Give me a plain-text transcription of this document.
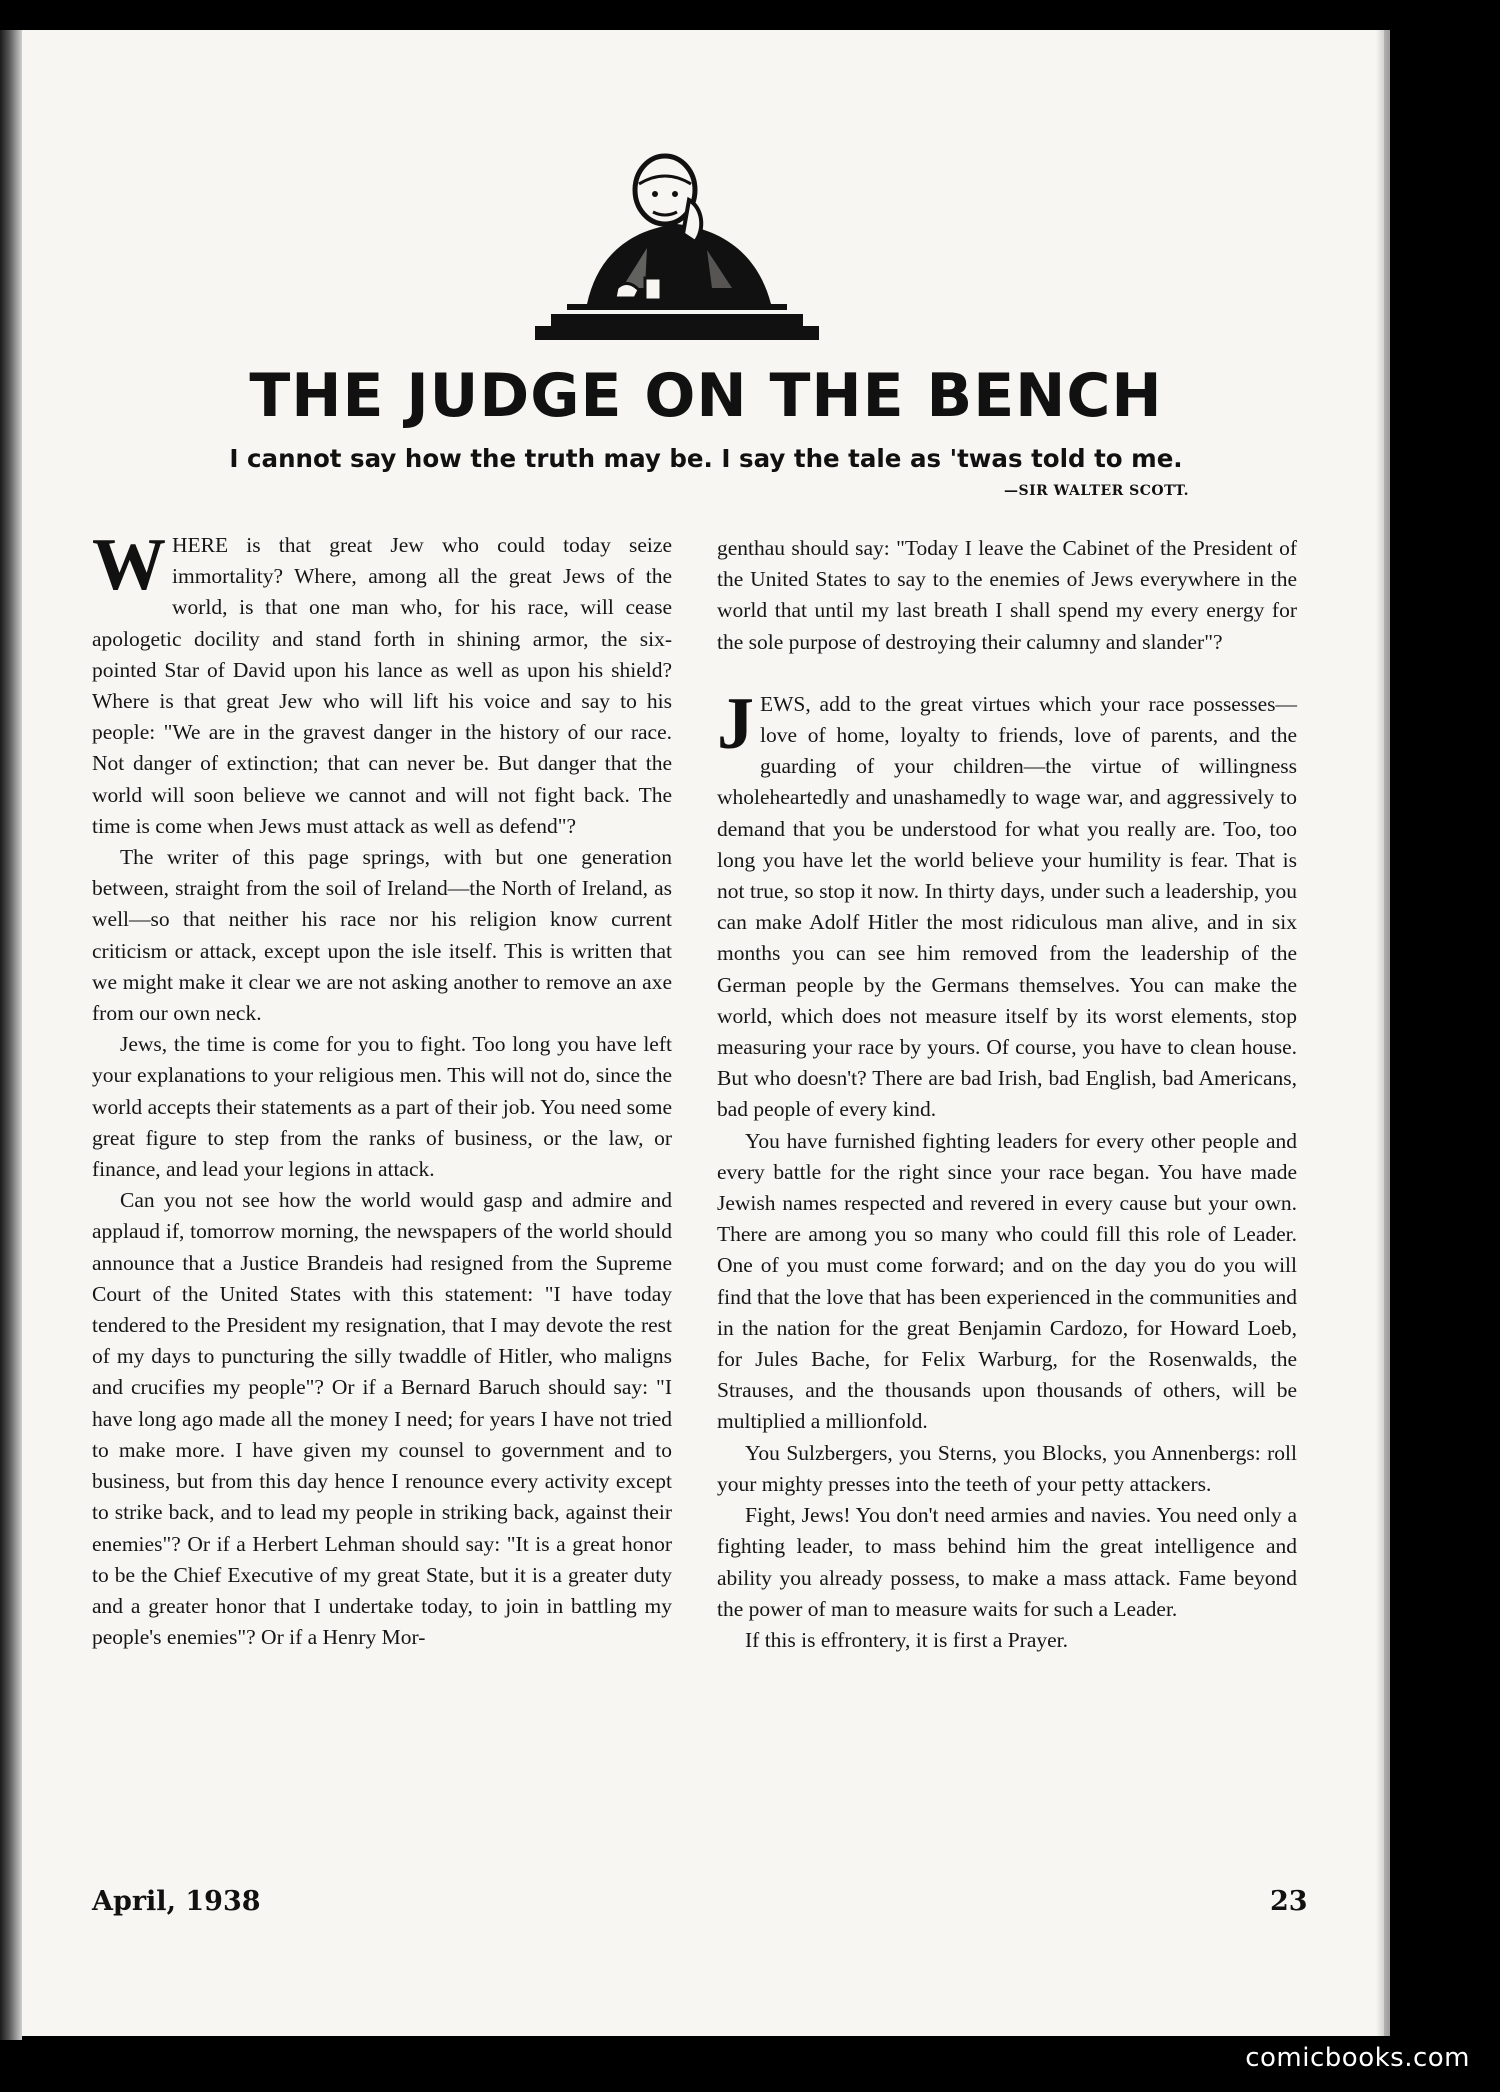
THE JUDGE ON THE BENCH
I cannot say how the truth may be. I say the tale as 'twas told to me.
—SIR WALTER SCOTT.

WHERE is that great Jew who could today seize immortality? Where, among all the great Jews of the world, is that one man who, for his race, will cease apologetic docility and stand forth in shining armor, the six-pointed Star of David upon his lance as well as upon his shield? Where is that great Jew who will lift his voice and say to his people: "We are in the gravest danger in the history of our race. Not danger of extinction; that can never be. But danger that the world will soon believe we cannot and will not fight back. The time is come when Jews must attack as well as defend"?

The writer of this page springs, with but one generation between, straight from the soil of Ireland—the North of Ireland, as well—so that neither his race nor his religion know current criticism or attack, except upon the isle itself. This is written that we might make it clear we are not asking another to remove an axe from our own neck.

Jews, the time is come for you to fight. Too long you have left your explanations to your religious men. This will not do, since the world accepts their statements as a part of their job. You need some great figure to step from the ranks of business, or the law, or finance, and lead your legions in attack.

Can you not see how the world would gasp and admire and applaud if, tomorrow morning, the newspapers of the world should announce that a Justice Brandeis had resigned from the Supreme Court of the United States with this statement: "I have today tendered to the President my resignation, that I may devote the rest of my days to puncturing the silly twaddle of Hitler, who maligns and crucifies my people"? Or if a Bernard Baruch should say: "I have long ago made all the money I need; for years I have not tried to make more. I have given my counsel to government and to business, but from this day hence I renounce every activity except to strike back, and to lead my people in striking back, against their enemies"? Or if a Herbert Lehman should say: "It is a great honor to be the Chief Executive of my great State, but it is a greater duty and a greater honor that I undertake today, to join in battling my people's enemies"? Or if a Henry Mor-

genthau should say: "Today I leave the Cabinet of the President of the United States to say to the enemies of Jews everywhere in the world that until my last breath I shall spend my every energy for the sole purpose of destroying their calumny and slander"?

JEWS, add to the great virtues which your race possesses—love of home, loyalty to friends, love of parents, and the guarding of your children—the virtue of willingness wholeheartedly and unashamedly to wage war, and aggressively to demand that you be understood for what you really are. Too, too long you have let the world believe your humility is fear. That is not true, so stop it now. In thirty days, under such a leadership, you can make Adolf Hitler the most ridiculous man alive, and in six months you can see him removed from the leadership of the German people by the Germans themselves. You can make the world, which does not measure itself by its worst elements, stop measuring your race by yours. Of course, you have to clean house. But who doesn't? There are bad Irish, bad English, bad Americans, bad people of every kind.

You have furnished fighting leaders for every other people and every battle for the right since your race began. You have made Jewish names respected and revered in every cause but your own. There are among you so many who could fill this role of Leader. One of you must come forward; and on the day you do you will find that the love that has been experienced in the communities and in the nation for the great Benjamin Cardozo, for Howard Loeb, for Jules Bache, for Felix Warburg, for the Rosenwalds, the Strauses, and the thousands upon thousands of others, will be multiplied a millionfold.

You Sulzbergers, you Sterns, you Blocks, you Annenbergs: roll your mighty presses into the teeth of your petty attackers.

Fight, Jews! You don't need armies and navies. You need only a fighting leader, to mass behind him the great intelligence and ability you already possess, to make a mass attack. Fame beyond the power of man to measure waits for such a Leader.

If this is effrontery, it is first a Prayer.

April, 1938	23
comicbooks.com
